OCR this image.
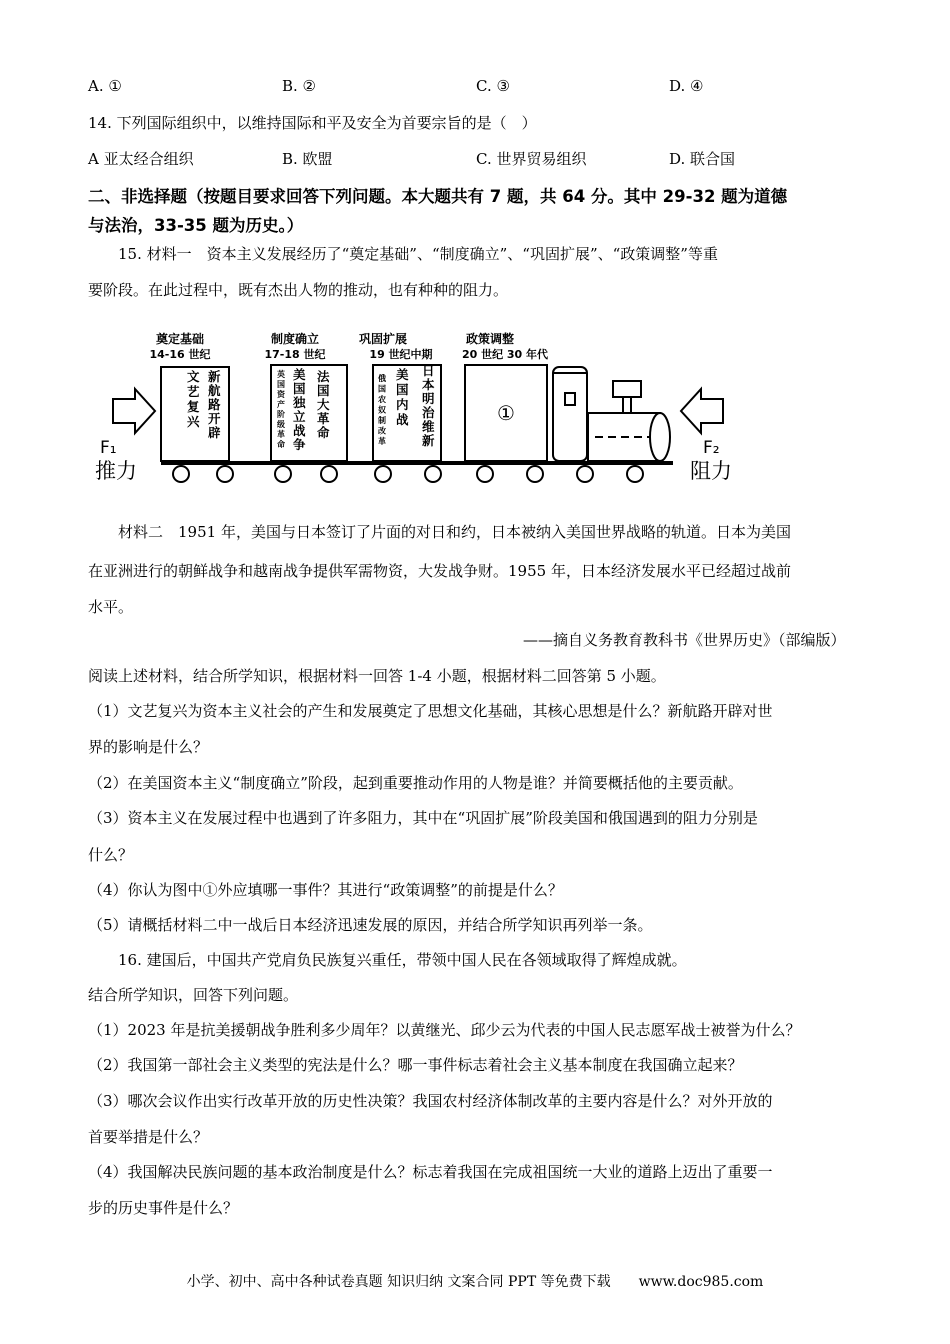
A. ①	B. ②	C. ③	D. ④
14. 下列国际组织中，以维持国际和平及安全为首要宗旨的是（　）
A 亚太经合组织	B. 欧盟	C. 世界贸易组织	D. 联合国
二、非选择题（按题目要求回答下列问题。本大题共有 7 题，共 64 分。其中 29-32 题为道德
与法治，33-35 题为历史。）
15. 材料一　资本主义发展经历了“奠定基础”、“制度确立”、“巩固扩展”、“政策调整”等重
要阶段。在此过程中，既有杰出人物的推动，也有种种的阻力。
奠定基础
14-16 世纪
制度确立
17-18 世纪
巩固扩展
19 世纪中期
政策调整
20 世纪 30 年代
F₁
推力
文艺复兴
新航路开辟
英国资产阶级革命
美国独立战争
法国大革命
俄国农奴制改革
美国内战
日本明治维新
①
F₂
阻力
材料二　1951 年，美国与日本签订了片面的对日和约，日本被纳入美国世界战略的轨道。日本为美国
在亚洲进行的朝鲜战争和越南战争提供军需物资，大发战争财。1955 年，日本经济发展水平已经超过战前
水平。
——摘自义务教育教科书《世界历史》（部编版）
阅读上述材料，结合所学知识，根据材料一回答 1-4 小题，根据材料二回答第 5 小题。
（1）文艺复兴为资本主义社会的产生和发展奠定了思想文化基础，其核心思想是什么？新航路开辟对世
界的影响是什么？
（2）在美国资本主义“制度确立”阶段，起到重要推动作用的人物是谁？并简要概括他的主要贡献。
（3）资本主义在发展过程中也遇到了许多阻力，其中在“巩固扩展”阶段美国和俄国遇到的阻力分别是
什么？
（4）你认为图中①外应填哪一事件？其进行“政策调整”的前提是什么？
（5）请概括材料二中一战后日本经济迅速发展的原因，并结合所学知识再列举一条。
16. 建国后，中国共产党肩负民族复兴重任，带领中国人民在各领域取得了辉煌成就。
结合所学知识，回答下列问题。
（1）2023 年是抗美援朝战争胜利多少周年？以黄继光、邱少云为代表的中国人民志愿军战士被誉为什么？
（2）我国第一部社会主义类型的宪法是什么？哪一事件标志着社会主义基本制度在我国确立起来？
（3）哪次会议作出实行改革开放的历史性决策？我国农村经济体制改革的主要内容是什么？对外开放的
首要举措是什么？
（4）我国解决民族问题的基本政治制度是什么？标志着我国在完成祖国统一大业的道路上迈出了重要一
步的历史事件是什么？
小学、初中、高中各种试卷真题 知识归纳 文案合同 PPT 等免费下载　　www.doc985.com
